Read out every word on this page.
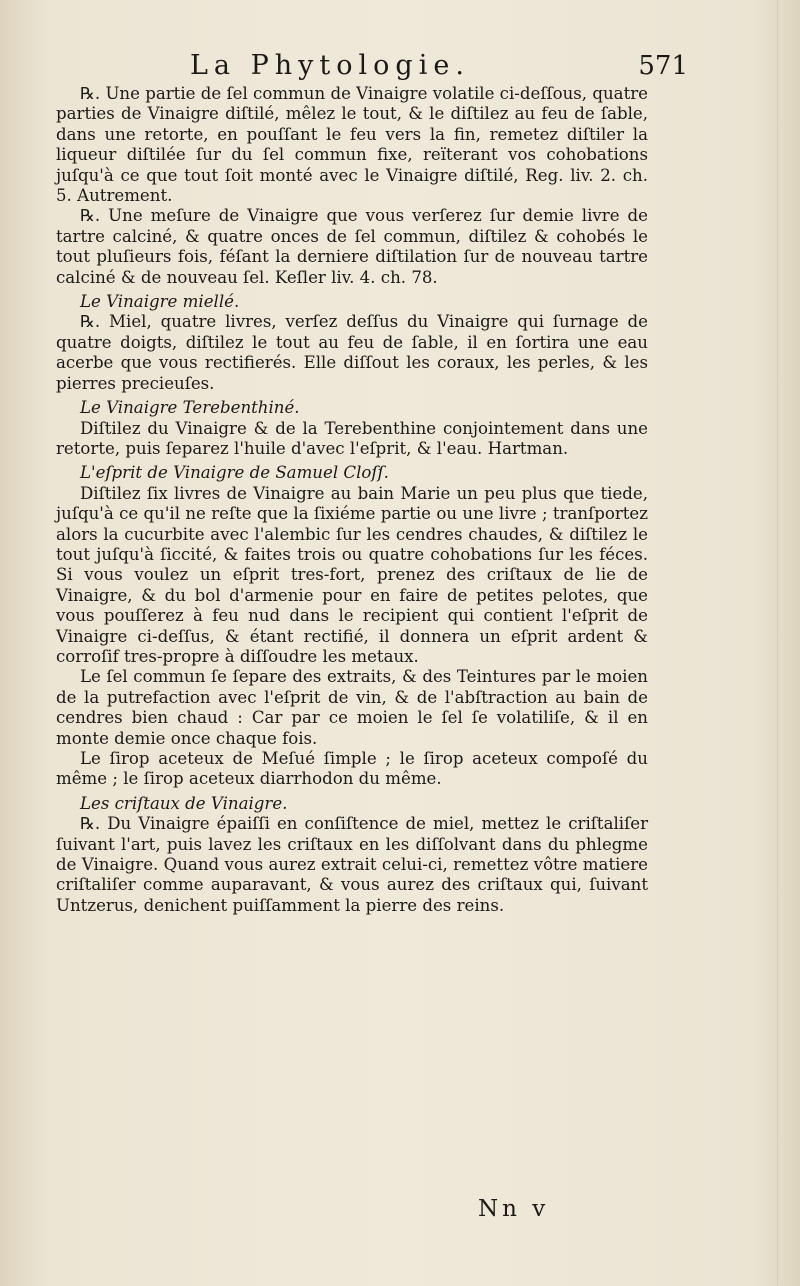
La Phytologie.	571

℞. Une partie de ſel commun de Vinaigre volatile ci-deſſous, quatre parties de Vinaigre diſtilé, mêlez le tout, & le diſtilez au feu de ſable, dans une retorte, en pouſſant le feu vers la fin, remetez diſtiler la liqueur diſtilée ſur du ſel commun fixe, reïterant vos cohobations juſqu'à ce que tout ſoit monté avec le Vinaigre diſtilé, Reg. liv. 2. ch. 5. Autrement.

℞. Une meſure de Vinaigre que vous verſerez ſur demie livre de tartre calciné, & quatre onces de ſel commun, diſtilez & cohobés le tout pluſieurs fois, féſant la derniere diſtilation ſur de nouveau tartre calciné & de nouveau ſel. Keſler liv. 4. ch. 78.

Le Vinaigre miellé.

℞. Miel, quatre livres, verſez deſſus du Vinaigre qui ſurnage de quatre doigts, diſtilez le tout au feu de ſable, il en ſortira une eau acerbe que vous rectifierés. Elle diſſout les coraux, les perles, & les pierres precieuſes.

Le Vinaigre Terebenthiné.

Diſtilez du Vinaigre & de la Terebenthine conjointement dans une retorte, puis ſeparez l'huile d'avec l'eſprit, & l'eau. Hartman.

L'eſprit de Vinaigre de Samuel Cloſſ.

Diſtilez ſix livres de Vinaigre au bain Marie un peu plus que tiede, juſqu'à ce qu'il ne reſte que la ſixiéme partie ou une livre ; tranſportez alors la cucurbite avec l'alembic ſur les cendres chaudes, & diſtilez le tout juſqu'à ſiccité, & faites trois ou quatre cohobations ſur les féces. Si vous voulez un eſprit tres-fort, prenez des criſtaux de lie de Vinaigre, & du bol d'armenie pour en faire de petites pelotes, que vous pouſſerez à feu nud dans le recipient qui contient l'eſprit de Vinaigre ci-deſſus, & étant rectifié, il donnera un eſprit ardent & corroſif tres-propre à diſſoudre les metaux.

Le ſel commun ſe ſepare des extraits, & des Teintures par le moien de la putrefaction avec l'eſprit de vin, & de l'abſtraction au bain de cendres bien chaud : Car par ce moien le ſel ſe volatiliſe, & il en monte demie once chaque fois.

Le ſirop aceteux de Meſué ſimple ; le ſirop aceteux compoſé du même ; le ſirop aceteux diarrhodon du même.

Les criſtaux de Vinaigre.

℞. Du Vinaigre épaiſſi en conſiſtence de miel, mettez le criſtaliſer ſuivant l'art, puis lavez les criſtaux en les diſſolvant dans du phlegme de Vinaigre. Quand vous aurez extrait celui-ci, remettez vôtre matiere criſtaliſer comme auparavant, & vous aurez des criſtaux qui, ſuivant Untzerus, denichent puiſſamment la pierre des reins.

Nn v
